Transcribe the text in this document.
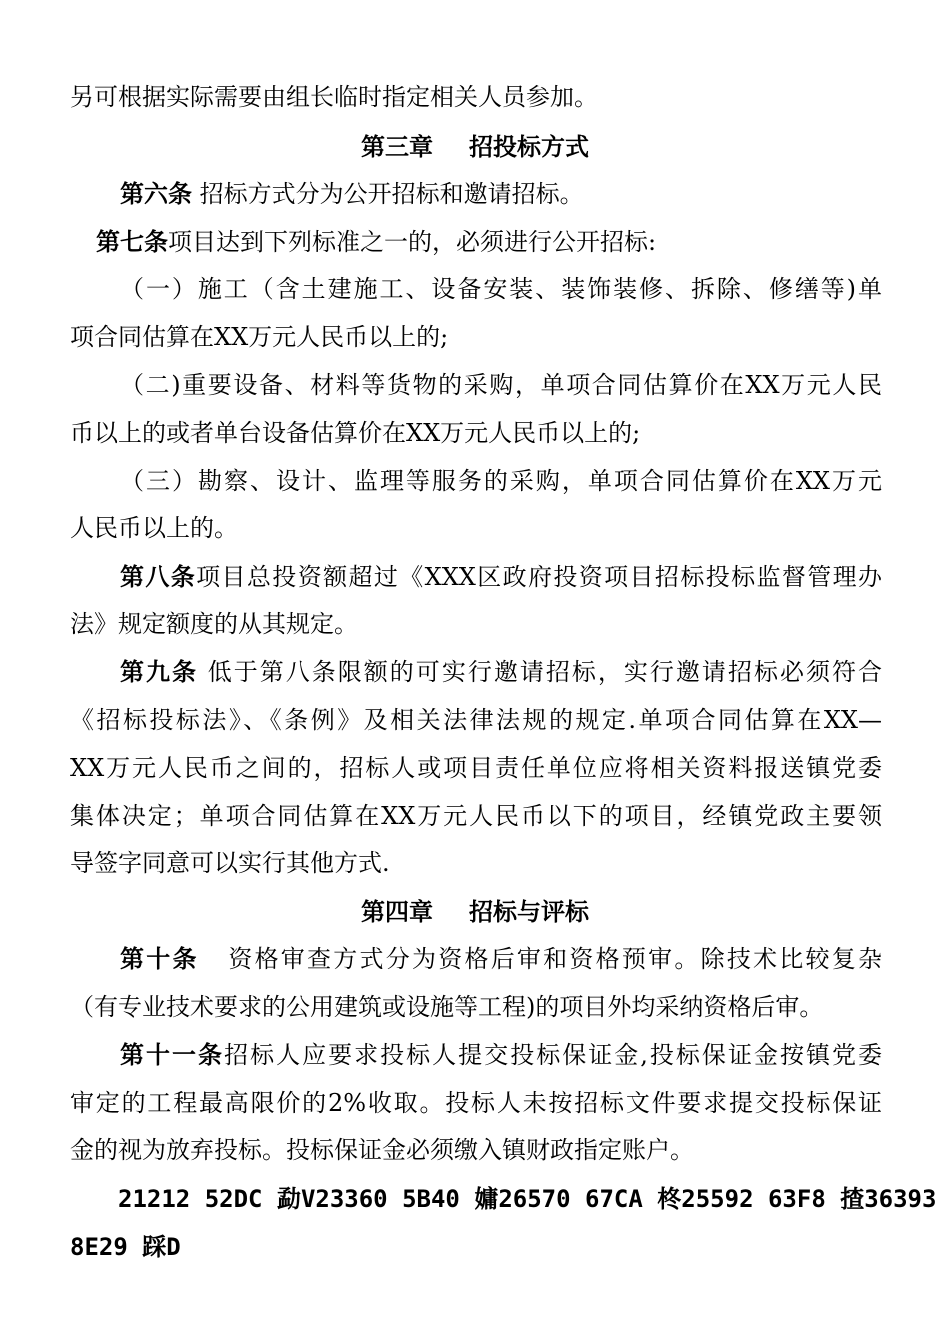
另可根据实际需要由组长临时指定相关人员参加。
第三章 招投标方式
第六条 招标方式分为公开招标和邀请招标。
第七条项目达到下列标准之一的，必须进行公开招标:
（一）施工（含土建施工、设备安装、装饰装修、拆除、修缮等)单
项合同估算在XX万元人民币以上的;
（二)重要设备、材料等货物的采购，单项合同估算价在XX万元人民
币以上的或者单台设备估算价在XX万元人民币以上的;
（三）勘察、设计、监理等服务的采购，单项合同估算价在XX万元
人民币以上的。
第八条项目总投资额超过《XXX区政府投资项目招标投标监督管理办
法》规定额度的从其规定。
第九条 低于第八条限额的可实行邀请招标，实行邀请招标必须符合
《招标投标法》、《条例》及相关法律法规的规定.单项合同估算在XX—
XX万元人民币之间的，招标人或项目责任单位应将相关资料报送镇党委
集体决定；单项合同估算在XX万元人民币以下的项目，经镇党政主要领
导签字同意可以实行其他方式.
第四章 招标与评标
第十条 资格审查方式分为资格后审和资格预审。除技术比较复杂
（有专业技术要求的公用建筑或设施等工程)的项目外均采纳资格后审。
第十一条招标人应要求投标人提交投标保证金,投标保证金按镇党委
审定的工程最高限价的2%收取。投标人未按招标文件要求提交投标保证
金的视为放弃投标。投标保证金必须缴入镇财政指定账户。
21212 52DC 勐V23360 5B40 嫞26570 67CA 柊25592 63F8 揸36393
8E29 踩D
